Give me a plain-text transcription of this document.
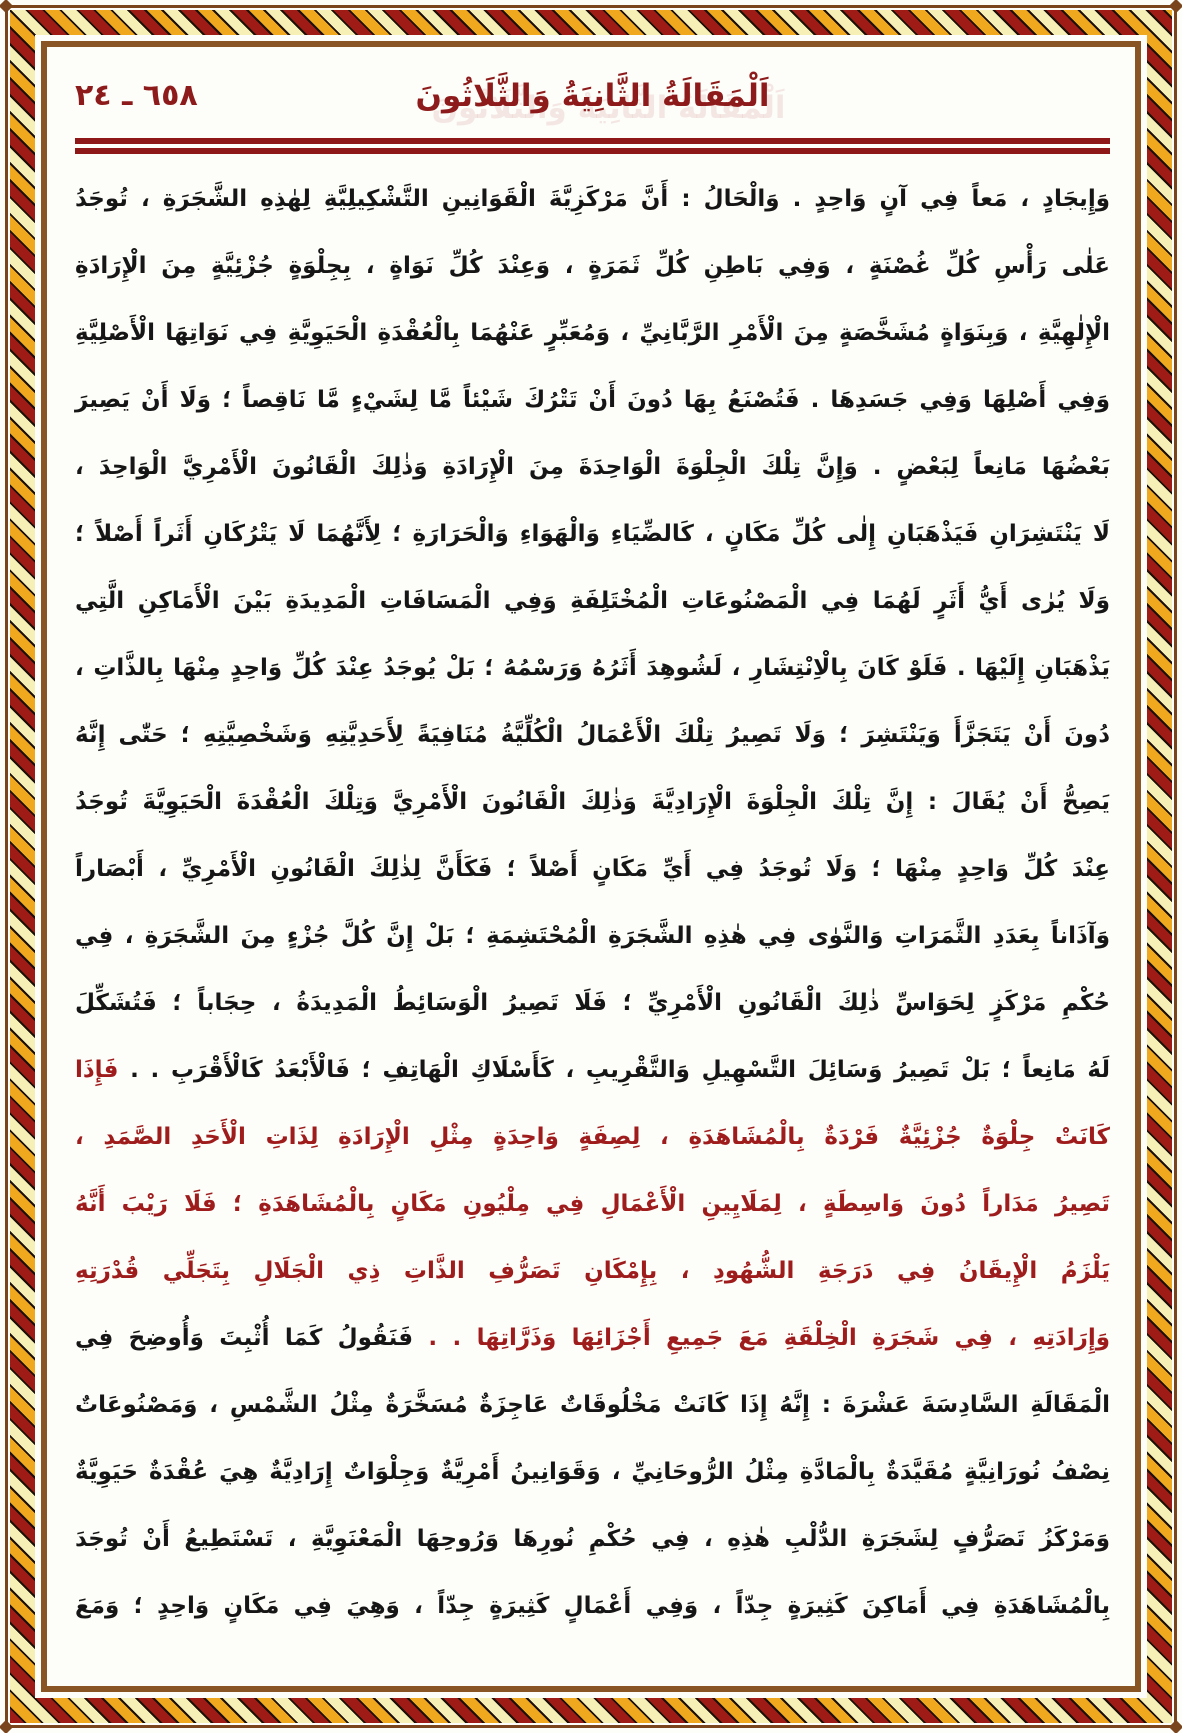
٦٥٨ ـ ٢٤	اَلْمَقَالَةُ الثَّانِيَةُ وَالثَّلَاثُونَ
وَإِيجَادٍ ، مَعاً فِي آنٍ وَاحِدٍ . وَالْحَالُ : أَنَّ مَرْكَزِيَّةَ الْقَوَانِينِ التَّشْكِيلِيَّةِ لِهٰذِهِ الشَّجَرَةِ ، تُوجَدُ
عَلٰى رَأْسِ كُلِّ غُصْنَةٍ ، وَفِي بَاطِنِ كُلِّ ثَمَرَةٍ ، وَعِنْدَ كُلِّ نَوَاةٍ ، بِجِلْوَةٍ جُزْئِيَّةٍ مِنَ الْإِرَادَةِ
الْإِلٰهِيَّةِ ، وَبِنَوَاةٍ مُشَخَّصَةٍ مِنَ الْأَمْرِ الرَّبَّانِيِّ ، وَمُعَبِّرٍ عَنْهُمَا بِالْعُقْدَةِ الْحَيَوِيَّةِ فِي نَوَاتِهَا الْأَصْلِيَّةِ
وَفِي أَصْلِهَا وَفِي جَسَدِهَا . فَتُصْنَعُ بِهَا دُونَ أَنْ تَتْرُكَ شَيْئاً مَّا لِشَيْءٍ مَّا نَاقِصاً ؛ وَلَا أَنْ يَصِيرَ
بَعْضُهَا مَانِعاً لِبَعْضٍ . وَإِنَّ تِلْكَ الْجِلْوَةَ الْوَاحِدَةَ مِنَ الْإِرَادَةِ وَذٰلِكَ الْقَانُونَ الْأَمْرِيَّ الْوَاحِدَ ،
لَا يَنْتَشِرَانِ فَيَذْهَبَانِ إِلٰى كُلِّ مَكَانٍ ، كَالضِّيَاءِ وَالْهَوَاءِ وَالْحَرَارَةِ ؛ لِأَنَّهُمَا لَا يَتْرُكَانِ أَثَراً أَصْلاً ؛
وَلَا يُرٰى أَيُّ أَثَرٍ لَهُمَا فِي الْمَصْنُوعَاتِ الْمُخْتَلِفَةِ وَفِي الْمَسَافَاتِ الْمَدِيدَةِ بَيْنَ الْأَمَاكِنِ الَّتِي
يَذْهَبَانِ إِلَيْهَا . فَلَوْ كَانَ بِالْاِنْتِشَارِ ، لَشُوهِدَ أَثَرُهُ وَرَسْمُهُ ؛ بَلْ يُوجَدُ عِنْدَ كُلِّ وَاحِدٍ مِنْهَا بِالذَّاتِ ،
دُونَ أَنْ يَتَجَزَّأَ وَيَنْتَشِرَ ؛ وَلَا تَصِيرُ تِلْكَ الْأَعْمَالُ الْكُلِّيَّةُ مُنَافِيَةً لِأَحَدِيَّتِهِ وَشَخْصِيَّتِهِ ؛ حَتّٰى إِنَّهُ
يَصِحُّ أَنْ يُقَالَ : إِنَّ تِلْكَ الْجِلْوَةَ الْإِرَادِيَّةَ وَذٰلِكَ الْقَانُونَ الْأَمْرِيَّ وَتِلْكَ الْعُقْدَةَ الْحَيَوِيَّةَ تُوجَدُ
عِنْدَ كُلِّ وَاحِدٍ مِنْهَا ؛ وَلَا تُوجَدُ فِي أَيِّ مَكَانٍ أَصْلاً ؛ فَكَأَنَّ لِذٰلِكَ الْقَانُونِ الْأَمْرِيِّ ، أَبْصَاراً
وَآذَاناً بِعَدَدِ الثَّمَرَاتِ وَالنَّوٰى فِي هٰذِهِ الشَّجَرَةِ الْمُحْتَشِمَةِ ؛ بَلْ إِنَّ كُلَّ جُزْءٍ مِنَ الشَّجَرَةِ ، فِي
حُكْمِ مَرْكَزٍ لِحَوَاسِّ ذٰلِكَ الْقَانُونِ الْأَمْرِيِّ ؛ فَلَا تَصِيرُ الْوَسَائِطُ الْمَدِيدَةُ ، حِجَاباً ؛ فَتُشَكِّلَ
لَهُ مَانِعاً ؛ بَلْ تَصِيرُ وَسَائِلَ التَّسْهِيلِ وَالتَّقْرِيبِ ، كَأَسْلَاكِ الْهَاتِفِ ؛ فَالْأَبْعَدُ كَالْأَقْرَبِ . . فَإِذَا
كَانَتْ جِلْوَةٌ جُزْئِيَّةٌ فَرْدَةٌ بِالْمُشَاهَدَةِ ، لِصِفَةٍ وَاحِدَةٍ مِثْلِ الْإِرَادَةِ لِذَاتِ الْأَحَدِ الصَّمَدِ ،
تَصِيرُ مَدَاراً دُونَ وَاسِطَةٍ ، لِمَلَايِينِ الْأَعْمَالِ فِي مِلْيُونِ مَكَانٍ بِالْمُشَاهَدَةِ ؛ فَلَا رَيْبَ أَنَّهُ
يَلْزَمُ الْإِيقَانُ فِي دَرَجَةِ الشُّهُودِ ، بِإِمْكَانِ تَصَرُّفِ الذَّاتِ ذِي الْجَلَالِ بِتَجَلِّي قُدْرَتِهِ
وَإِرَادَتِهِ ، فِي شَجَرَةِ الْخِلْقَةِ مَعَ جَمِيعِ أَجْزَائِهَا وَذَرَّاتِهَا . . فَنَقُولُ كَمَا أُثْبِتَ وَأُوضِحَ فِي
الْمَقَالَةِ السَّادِسَةَ عَشْرَةَ : إِنَّهُ إِذَا كَانَتْ مَخْلُوقَاتٌ عَاجِزَةٌ مُسَخَّرَةٌ مِثْلُ الشَّمْسِ ، وَمَصْنُوعَاتٌ
نِصْفُ نُورَانِيَّةٍ مُقَيَّدَةٌ بِالْمَادَّةِ مِثْلُ الرُّوحَانِيِّ ، وَقَوَانِينُ أَمْرِيَّةٌ وَجِلْوَاتٌ إِرَادِيَّةٌ هِيَ عُقْدَةٌ حَيَوِيَّةٌ
وَمَرْكَزُ تَصَرُّفٍ لِشَجَرَةِ الدُّلْبِ هٰذِهِ ، فِي حُكْمِ نُورِهَا وَرُوحِهَا الْمَعْنَوِيَّةِ ، تَسْتَطِيعُ أَنْ تُوجَدَ
بِالْمُشَاهَدَةِ فِي أَمَاكِنَ كَثِيرَةٍ جِدّاً ، وَفِي أَعْمَالٍ كَثِيرَةٍ جِدّاً ، وَهِيَ فِي مَكَانٍ وَاحِدٍ ؛ وَمَعَ
